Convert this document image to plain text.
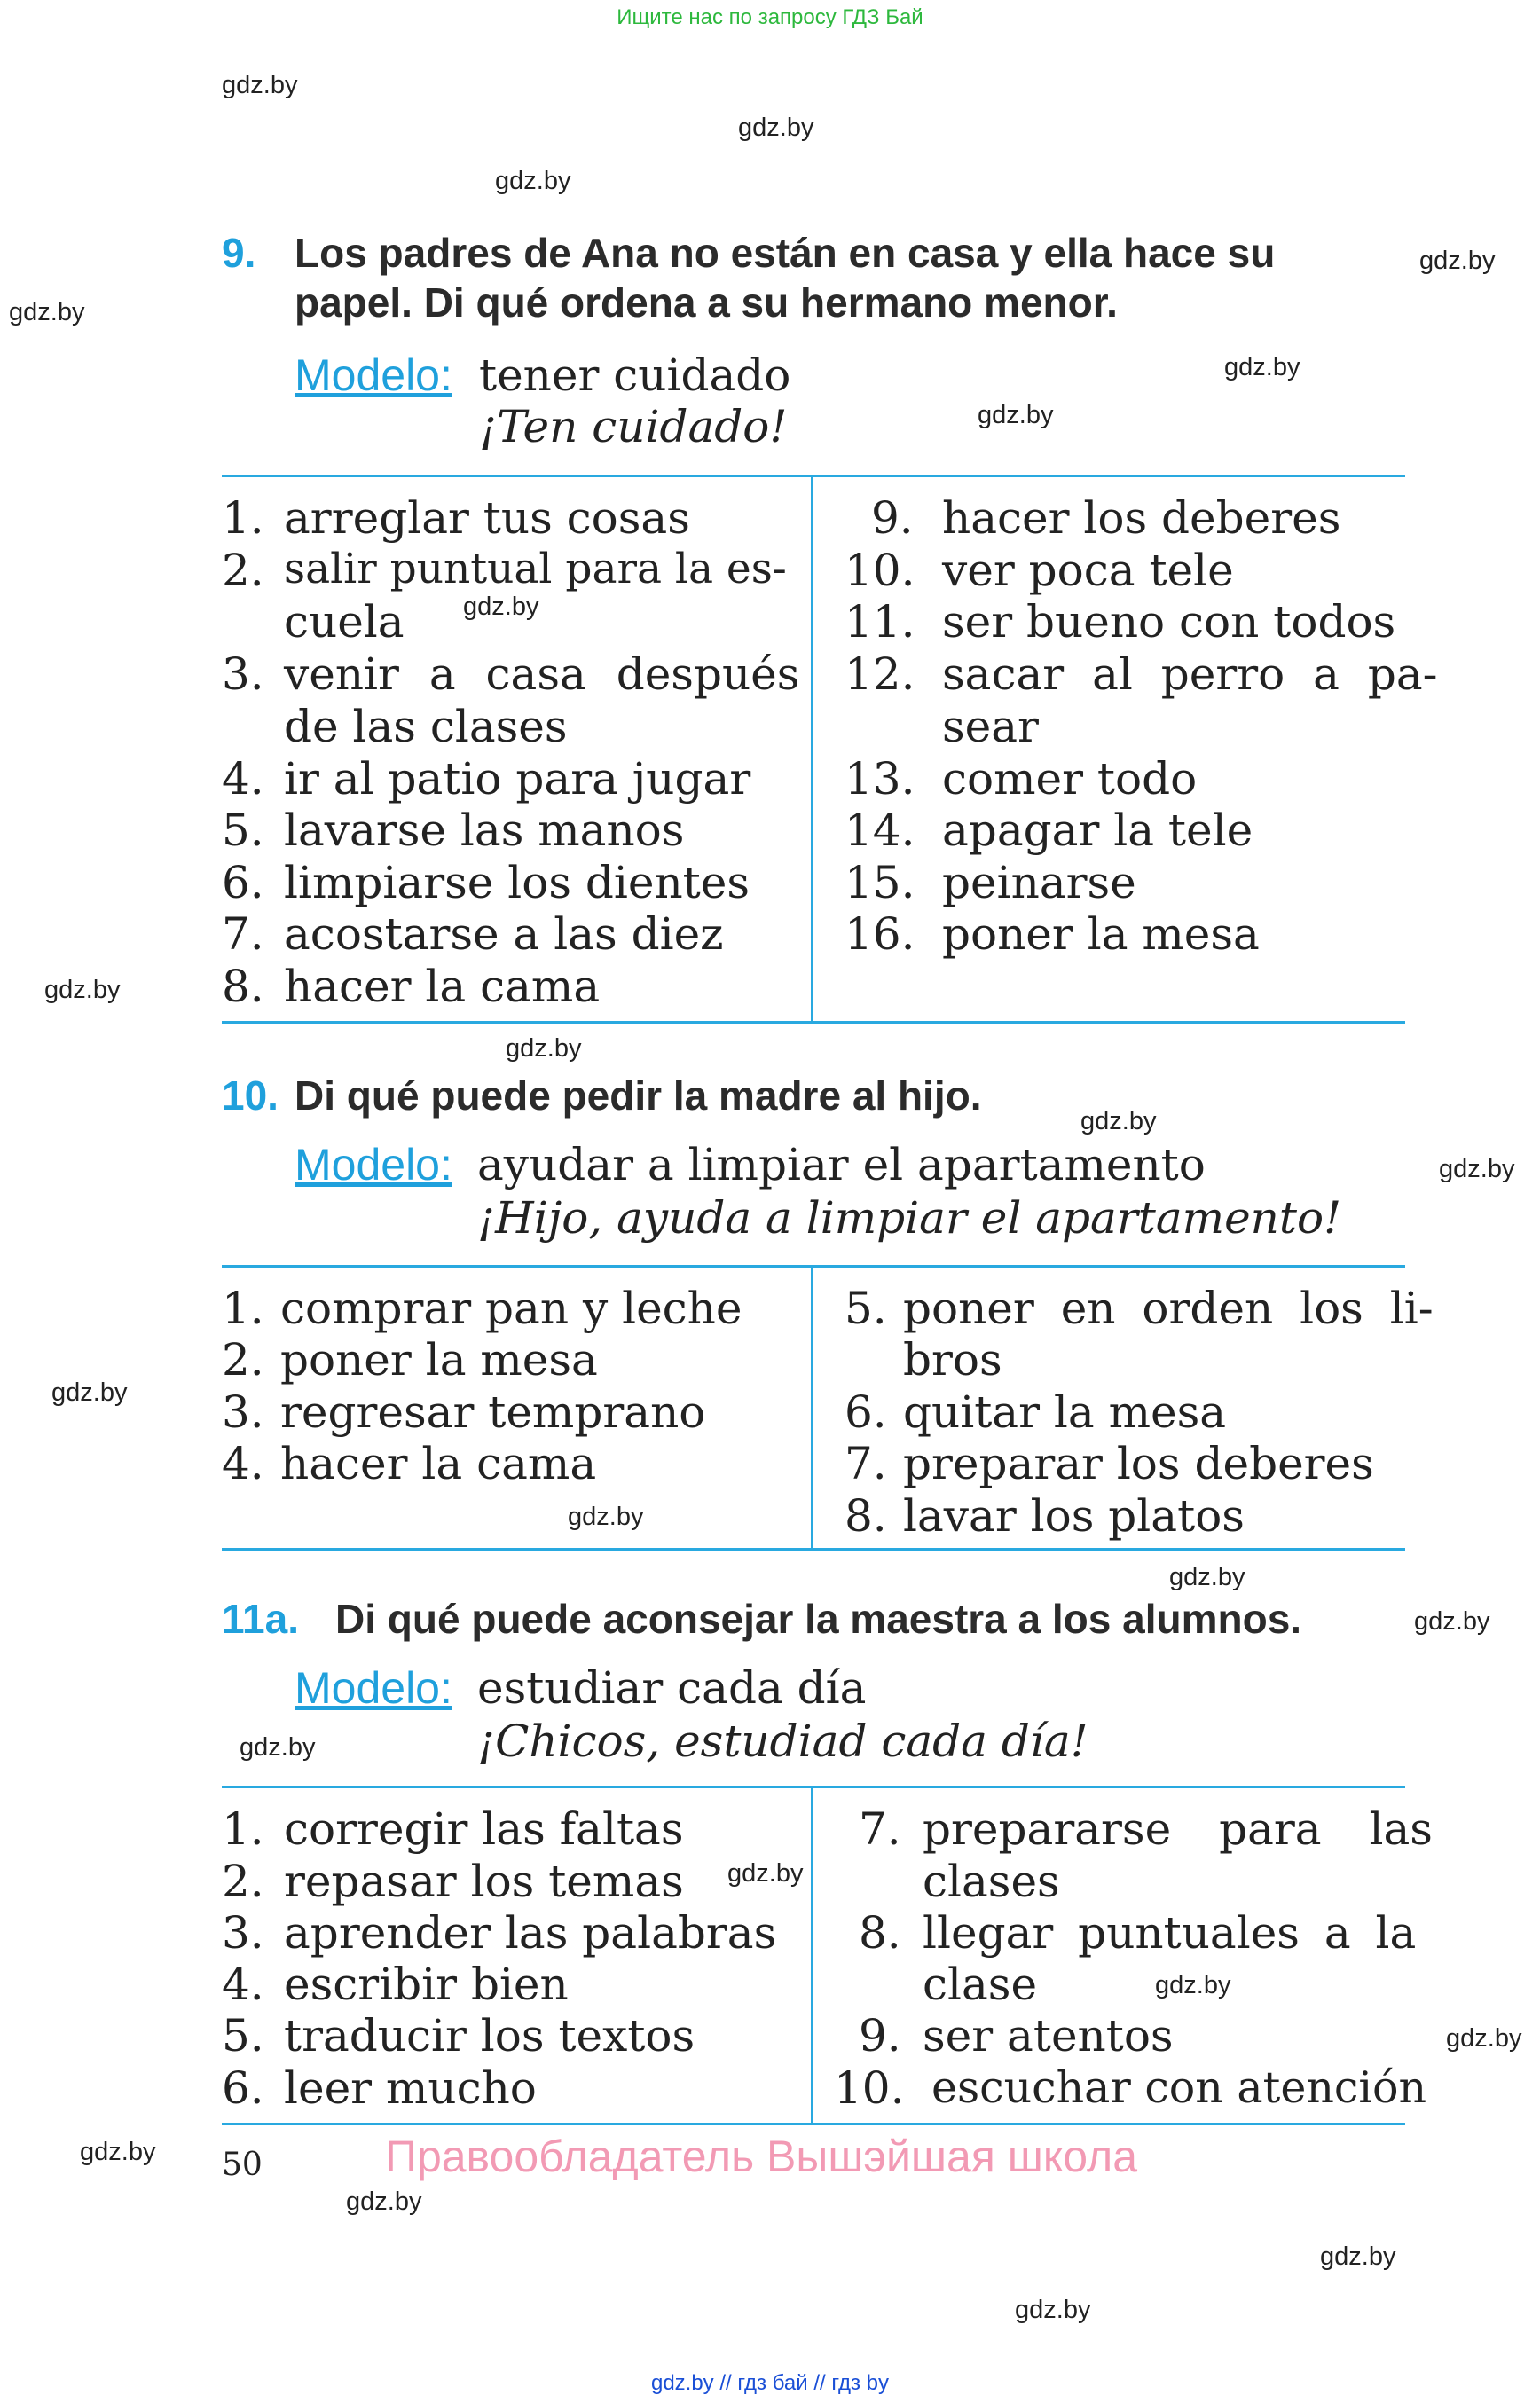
Ищите нас по запросу ГДЗ Бай
gdz.by
gdz.by
gdz.by
gdz.by
gdz.by
gdz.by
gdz.by
gdz.by
gdz.by
gdz.by
gdz.by
gdz.by
gdz.by
gdz.by
gdz.by
gdz.by
gdz.by
gdz.by
gdz.by
gdz.by
gdz.by
gdz.by
gdz.by
gdz.by
9. Los padres de Ana no están en casa y ella hace su
papel. Di qué ordena a su hermano menor.
Modelo: tener cuidado
¡Ten cuidado!
1. arreglar tus cosas
2. salir puntual para la es-
cuela
3. venir a casa después
de las clases
4. ir al patio para jugar
5. lavarse las manos
6. limpiarse los dientes
7. acostarse a las diez
8. hacer la cama
9. hacer los deberes
10. ver poca tele
11. ser bueno con todos
12. sacar al perro a pa-
sear
13. comer todo
14. apagar la tele
15. peinarse
16. poner la mesa
10. Di qué puede pedir la madre al hijo.
Modelo: ayudar a limpiar el apartamento
¡Hijo, ayuda a limpiar el apartamento!
1. comprar pan y leche
2. poner la mesa
3. regresar temprano
4. hacer la cama
5. poner en orden los li-
bros
6. quitar la mesa
7. preparar los deberes
8. lavar los platos
11a. Di qué puede aconsejar la maestra a los alumnos.
Modelo: estudiar cada día
¡Chicos, estudiad cada día!
1. corregir las faltas
2. repasar los temas
3. aprender las palabras
4. escribir bien
5. traducir los textos
6. leer mucho
7. prepararse para las
clases
8. llegar puntuales a la
clase
9. ser atentos
10. escuchar con atención
50	Правообладатель Вышэйшая школа
gdz.by // гдз бай // гдз by
